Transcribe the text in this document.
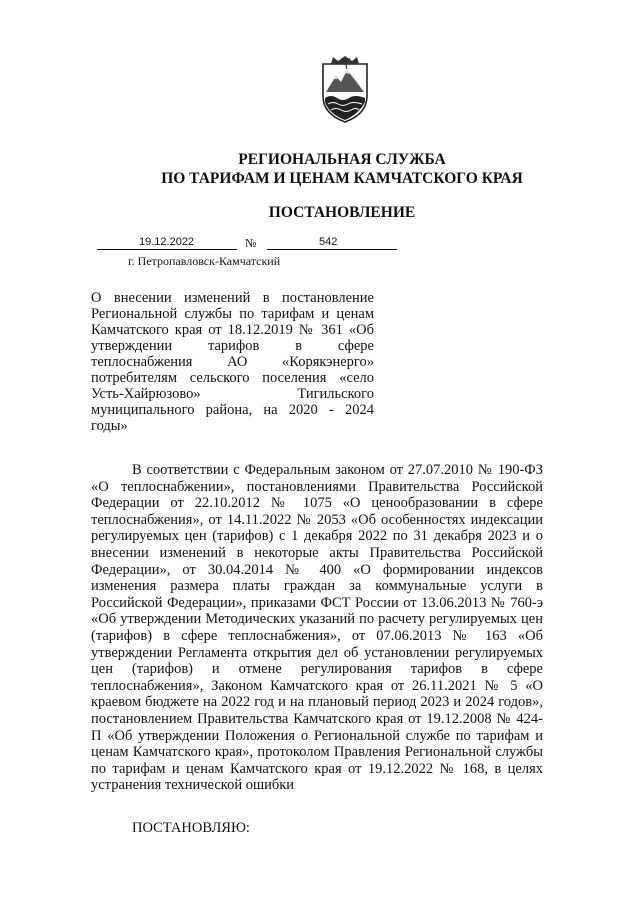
РЕГИОНАЛЬНАЯ СЛУЖБА
ПО ТАРИФАМ И ЦЕНАМ КАМЧАТСКОГО КРАЯ
ПОСТАНОВЛЕНИЕ
19.12.2022	№	542
г. Петропавловск-Камчатский
О внесении изменений в постановление Региональной службы по тарифам и ценам Камчатского края от 18.12.2019 № 361 «Об утверждении тарифов в сфере теплоснабжения АО «Корякэнерго» потребителям сельского поселения «село Усть-Хайрюзово» Тигильского муниципального района, на 2020 - 2024 годы»
В соответствии с Федеральным законом от 27.07.2010 № 190-ФЗ «О теплоснабжении», постановлениями Правительства Российской Федерации от 22.10.2012 № 1075 «О ценообразовании в сфере теплоснабжения», от 14.11.2022 № 2053 «Об особенностях индексации регулируемых цен (тарифов) с 1 декабря 2022 по 31 декабря 2023 и о внесении изменений в некоторые акты Правительства Российской Федерации», от 30.04.2014 № 400 «О формировании индексов изменения размера платы граждан за коммунальные услуги в Российской Федерации», приказами ФСТ России от 13.06.2013 № 760-э «Об утверждении Методических указаний по расчету регулируемых цен (тарифов) в сфере теплоснабжения», от 07.06.2013 № 163 «Об утверждении Регламента открытия дел об установлении регулируемых цен (тарифов) и отмене регулирования тарифов в сфере теплоснабжения», Законом Камчатского края от 26.11.2021 № 5 «О краевом бюджете на 2022 год и на плановый период 2023 и 2024 годов», постановлением Правительства Камчатского края от 19.12.2008 № 424-П «Об утверждении Положения о Региональной службе по тарифам и ценам Камчатского края», протоколом Правления Региональной службы по тарифам и ценам Камчатского края от 19.12.2022 № 168, в целях устранения технической ошибки
ПОСТАНОВЛЯЮ:
